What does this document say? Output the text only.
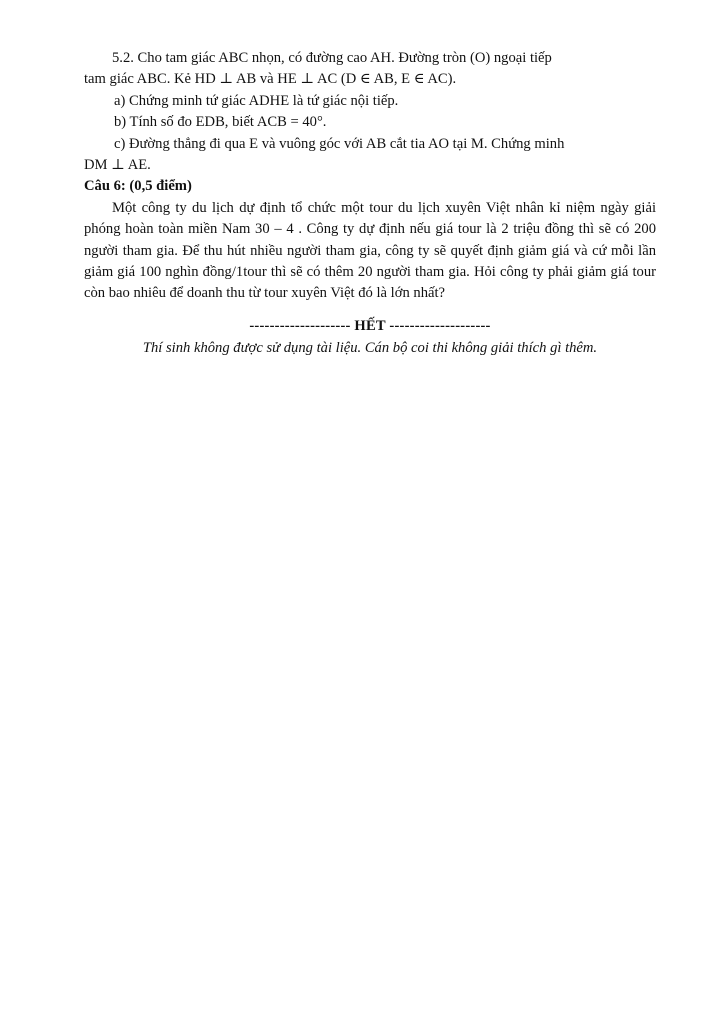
5.2. Cho tam giác ABC nhọn, có đường cao AH. Đường tròn (O) ngoại tiếp

tam giác ABC. Kẻ HD ⊥ AB và HE ⊥ AC (D ∈ AB, E ∈ AC).

a) Chứng minh tứ giác ADHE là tứ giác nội tiếp.

b) Tính số đo EDB, biết ACB = 40°.

c) Đường thẳng đi qua E và vuông góc với AB cắt tia AO tại M. Chứng minh

DM ⊥ AE.

Câu 6: (0,5 điểm)

Một công ty du lịch dự định tổ chức một tour du lịch xuyên Việt nhân kỉ niệm ngày giải phóng hoàn toàn miền Nam 30 – 4 . Công ty dự định nếu giá tour là 2 triệu đồng thì sẽ có 200 người tham gia. Để thu hút nhiều người tham gia, công ty sẽ quyết định giảm giá và cứ mỗi lần giảm giá 100 nghìn đồng/1tour thì sẽ có thêm 20 người tham gia. Hỏi công ty phải giảm giá tour còn bao nhiêu để doanh thu từ tour xuyên Việt đó là lớn nhất?

-------------------- HẾT --------------------
Thí sinh không được sử dụng tài liệu. Cán bộ coi thi không giải thích gì thêm.
